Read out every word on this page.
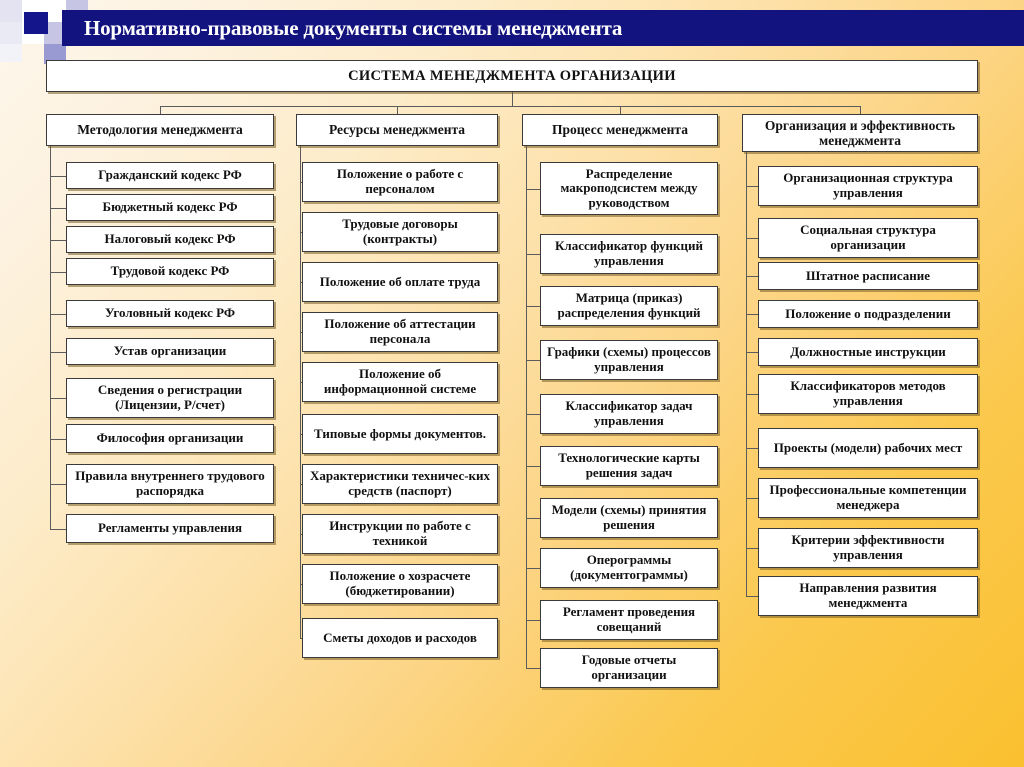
Нормативно-правовые документы системы менеджмента
СИСТЕМА МЕНЕДЖМЕНТА ОРГАНИЗАЦИИ
Методология менеджмента
Гражданский кодекс РФ
Бюджетный кодекс РФ
Налоговый кодекс РФ
Трудовой кодекс РФ
Уголовный кодекс РФ
Устав организации
Сведения о регистрации (Лицензии, Р/счет)
Философия организации
Правила внутреннего трудового распорядка
Регламенты управления
Ресурсы менеджмента
Положение о работе с персоналом
Трудовые договоры (контракты)
Положение об оплате труда
Положение об аттестации персонала
Положение об информационной системе
Типовые формы документов.
Характеристики техничес-ких средств (паспорт)
Инструкции по работе с техникой
Положение о хозрасчете (бюджетировании)
Сметы доходов и расходов
Процесс менеджмента
Распределение макроподсистем между руководством
Классификатор функций управления
Матрица (приказ) распределения функций
Графики (схемы) процессов управления
Классификатор задач управления
Технологические карты решения задач
Модели (схемы) принятия решения
Оперограммы (документограммы)
Регламент проведения совещаний
Годовые отчеты организации
Организация и эффективность менеджмента
Организационная структура управления
Социальная структура организации
Штатное расписание
Положение о подразделении
Должностные инструкции
Классификаторов методов управления
Проекты (модели) рабочих мест
Профессиональные компетенции менеджера
Критерии эффективности управления
Направления развития менеджмента
